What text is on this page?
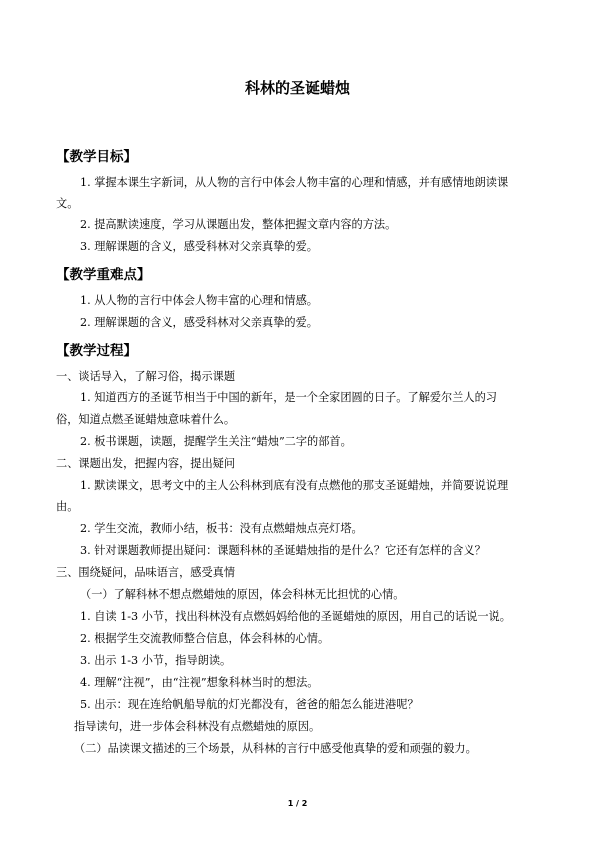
科林的圣诞蜡烛
【教学目标】
1. 掌握本课生字新词，从人物的言行中体会人物丰富的心理和情感，并有感情地朗读课
文。
2. 提高默读速度，学习从课题出发，整体把握文章内容的方法。
3. 理解课题的含义，感受科林对父亲真挚的爱。
【教学重难点】
1. 从人物的言行中体会人物丰富的心理和情感。
2. 理解课题的含义，感受科林对父亲真挚的爱。
【教学过程】
一、谈话导入，了解习俗，揭示课题
1. 知道西方的圣诞节相当于中国的新年，是一个全家团圆的日子。了解爱尔兰人的习
俗，知道点燃圣诞蜡烛意味着什么。
2. 板书课题，读题，提醒学生关注“蜡烛”二字的部首。
二、课题出发，把握内容，提出疑问
1. 默读课文，思考文中的主人公科林到底有没有点燃他的那支圣诞蜡烛，并简要说说理
由。
2. 学生交流，教师小结，板书：没有点燃蜡烛点亮灯塔。
3. 针对课题教师提出疑问：课题科林的圣诞蜡烛指的是什么？它还有怎样的含义？
三、围绕疑问，品味语言，感受真情
（一）了解科林不想点燃蜡烛的原因，体会科林无比担忧的心情。
1. 自读 1-3 小节，找出科林没有点燃妈妈给他的圣诞蜡烛的原因，用自己的话说一说。
2. 根据学生交流教师整合信息，体会科林的心情。
3. 出示 1-3 小节，指导朗读。
4. 理解“注视”，由“注视”想象科林当时的想法。
5. 出示：现在连给帆船导航的灯光都没有，爸爸的船怎么能进港呢？
指导读句，进一步体会科林没有点燃蜡烛的原因。
（二）品读课文描述的三个场景，从科林的言行中感受他真挚的爱和顽强的毅力。
1 / 2
